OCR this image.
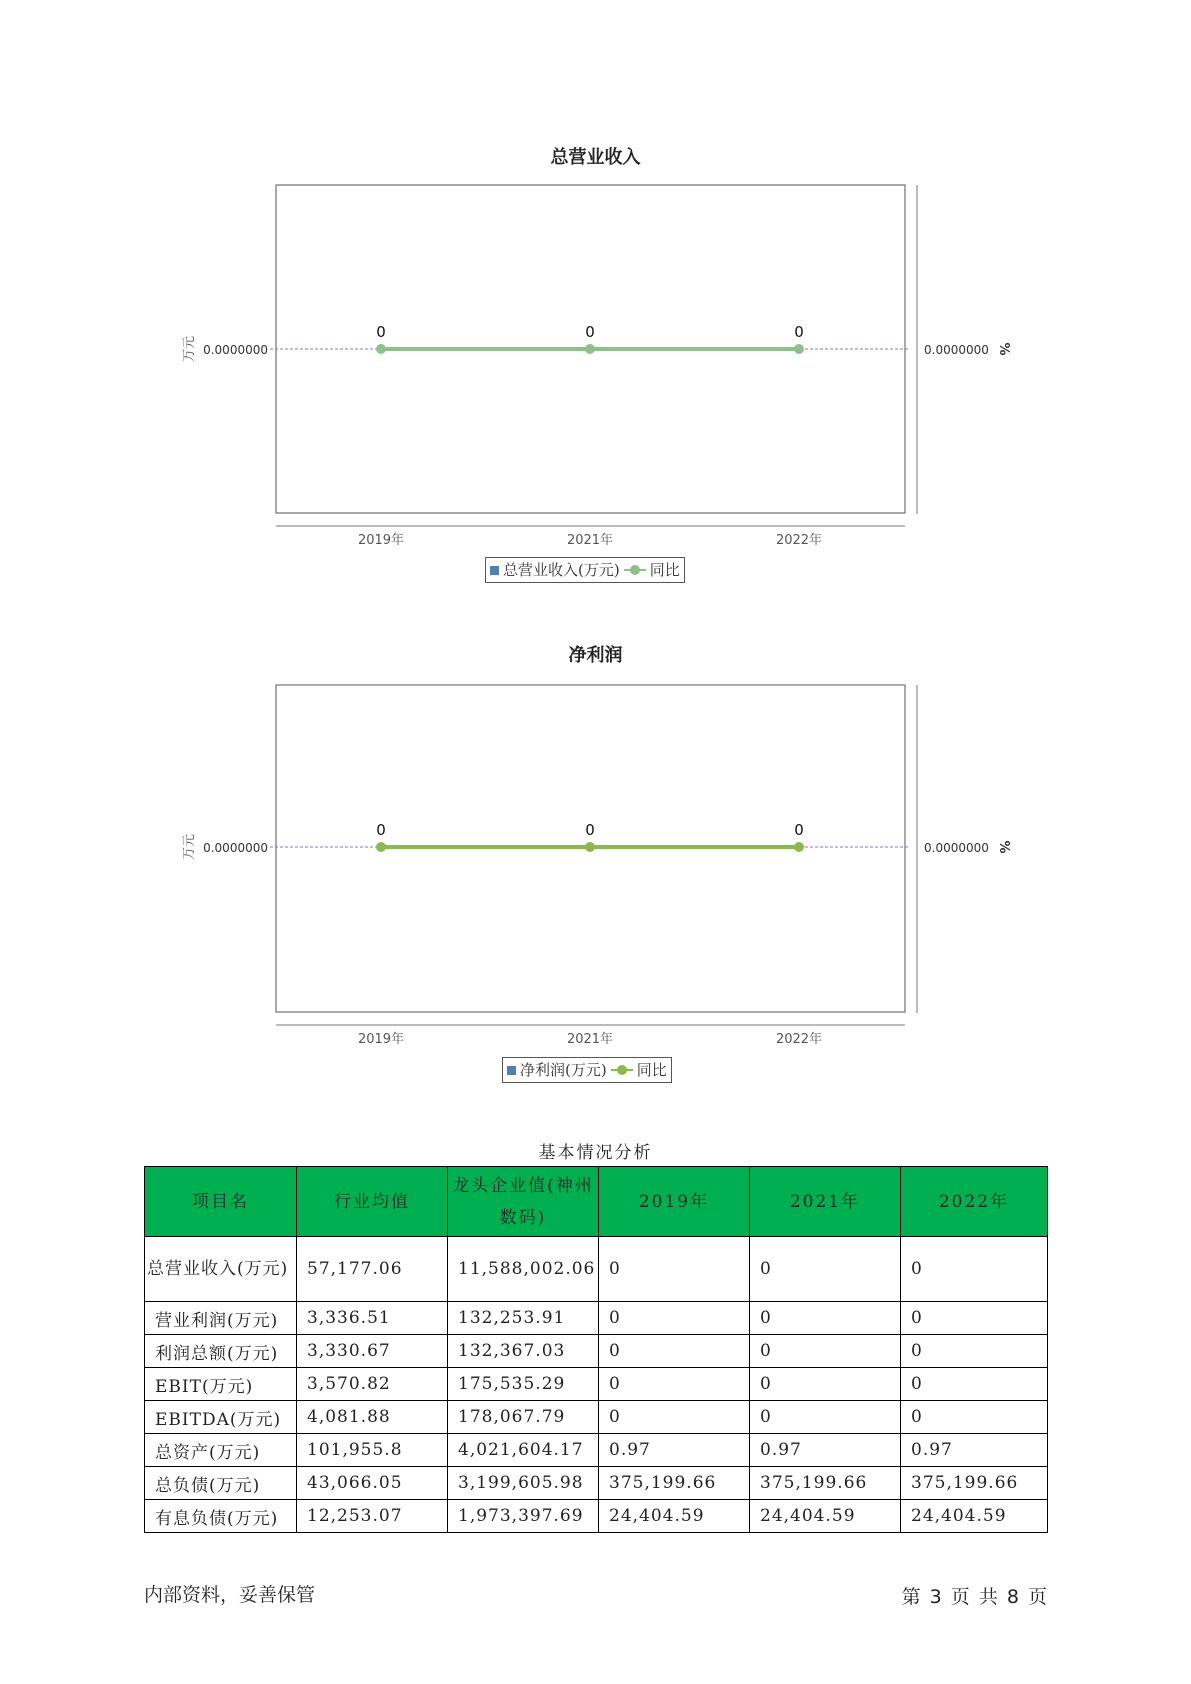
总营业收入
0.0000000	0.0000000
万元	%
0
2019年
0
2021年
0
2022年
总营业收入(万元) 同比
净利润
0.0000000	0.0000000
万元	%
0
2019年
0
2021年
0
2022年
净利润(万元) 同比
基本情况分析
项目名	行业均值	龙头企业值(神州数码)	2019年	2021年	2022年
总营业收入(万元)	57,177.06	11,588,002.06	0	0	0
营业利润(万元)	3,336.51	132,253.91	0	0	0
利润总额(万元)	3,330.67	132,367.03	0	0	0
EBIT(万元)	3,570.82	175,535.29	0	0	0
EBITDA(万元)	4,081.88	178,067.79	0	0	0
总资产(万元)	101,955.8	4,021,604.17	0.97	0.97	0.97
总负债(万元)	43,066.05	3,199,605.98	375,199.66	375,199.66	375,199.66
有息负债(万元)	12,253.07	1,973,397.69	24,404.59	24,404.59	24,404.59
内部资料，妥善保管	第 3 页 共 8 页
